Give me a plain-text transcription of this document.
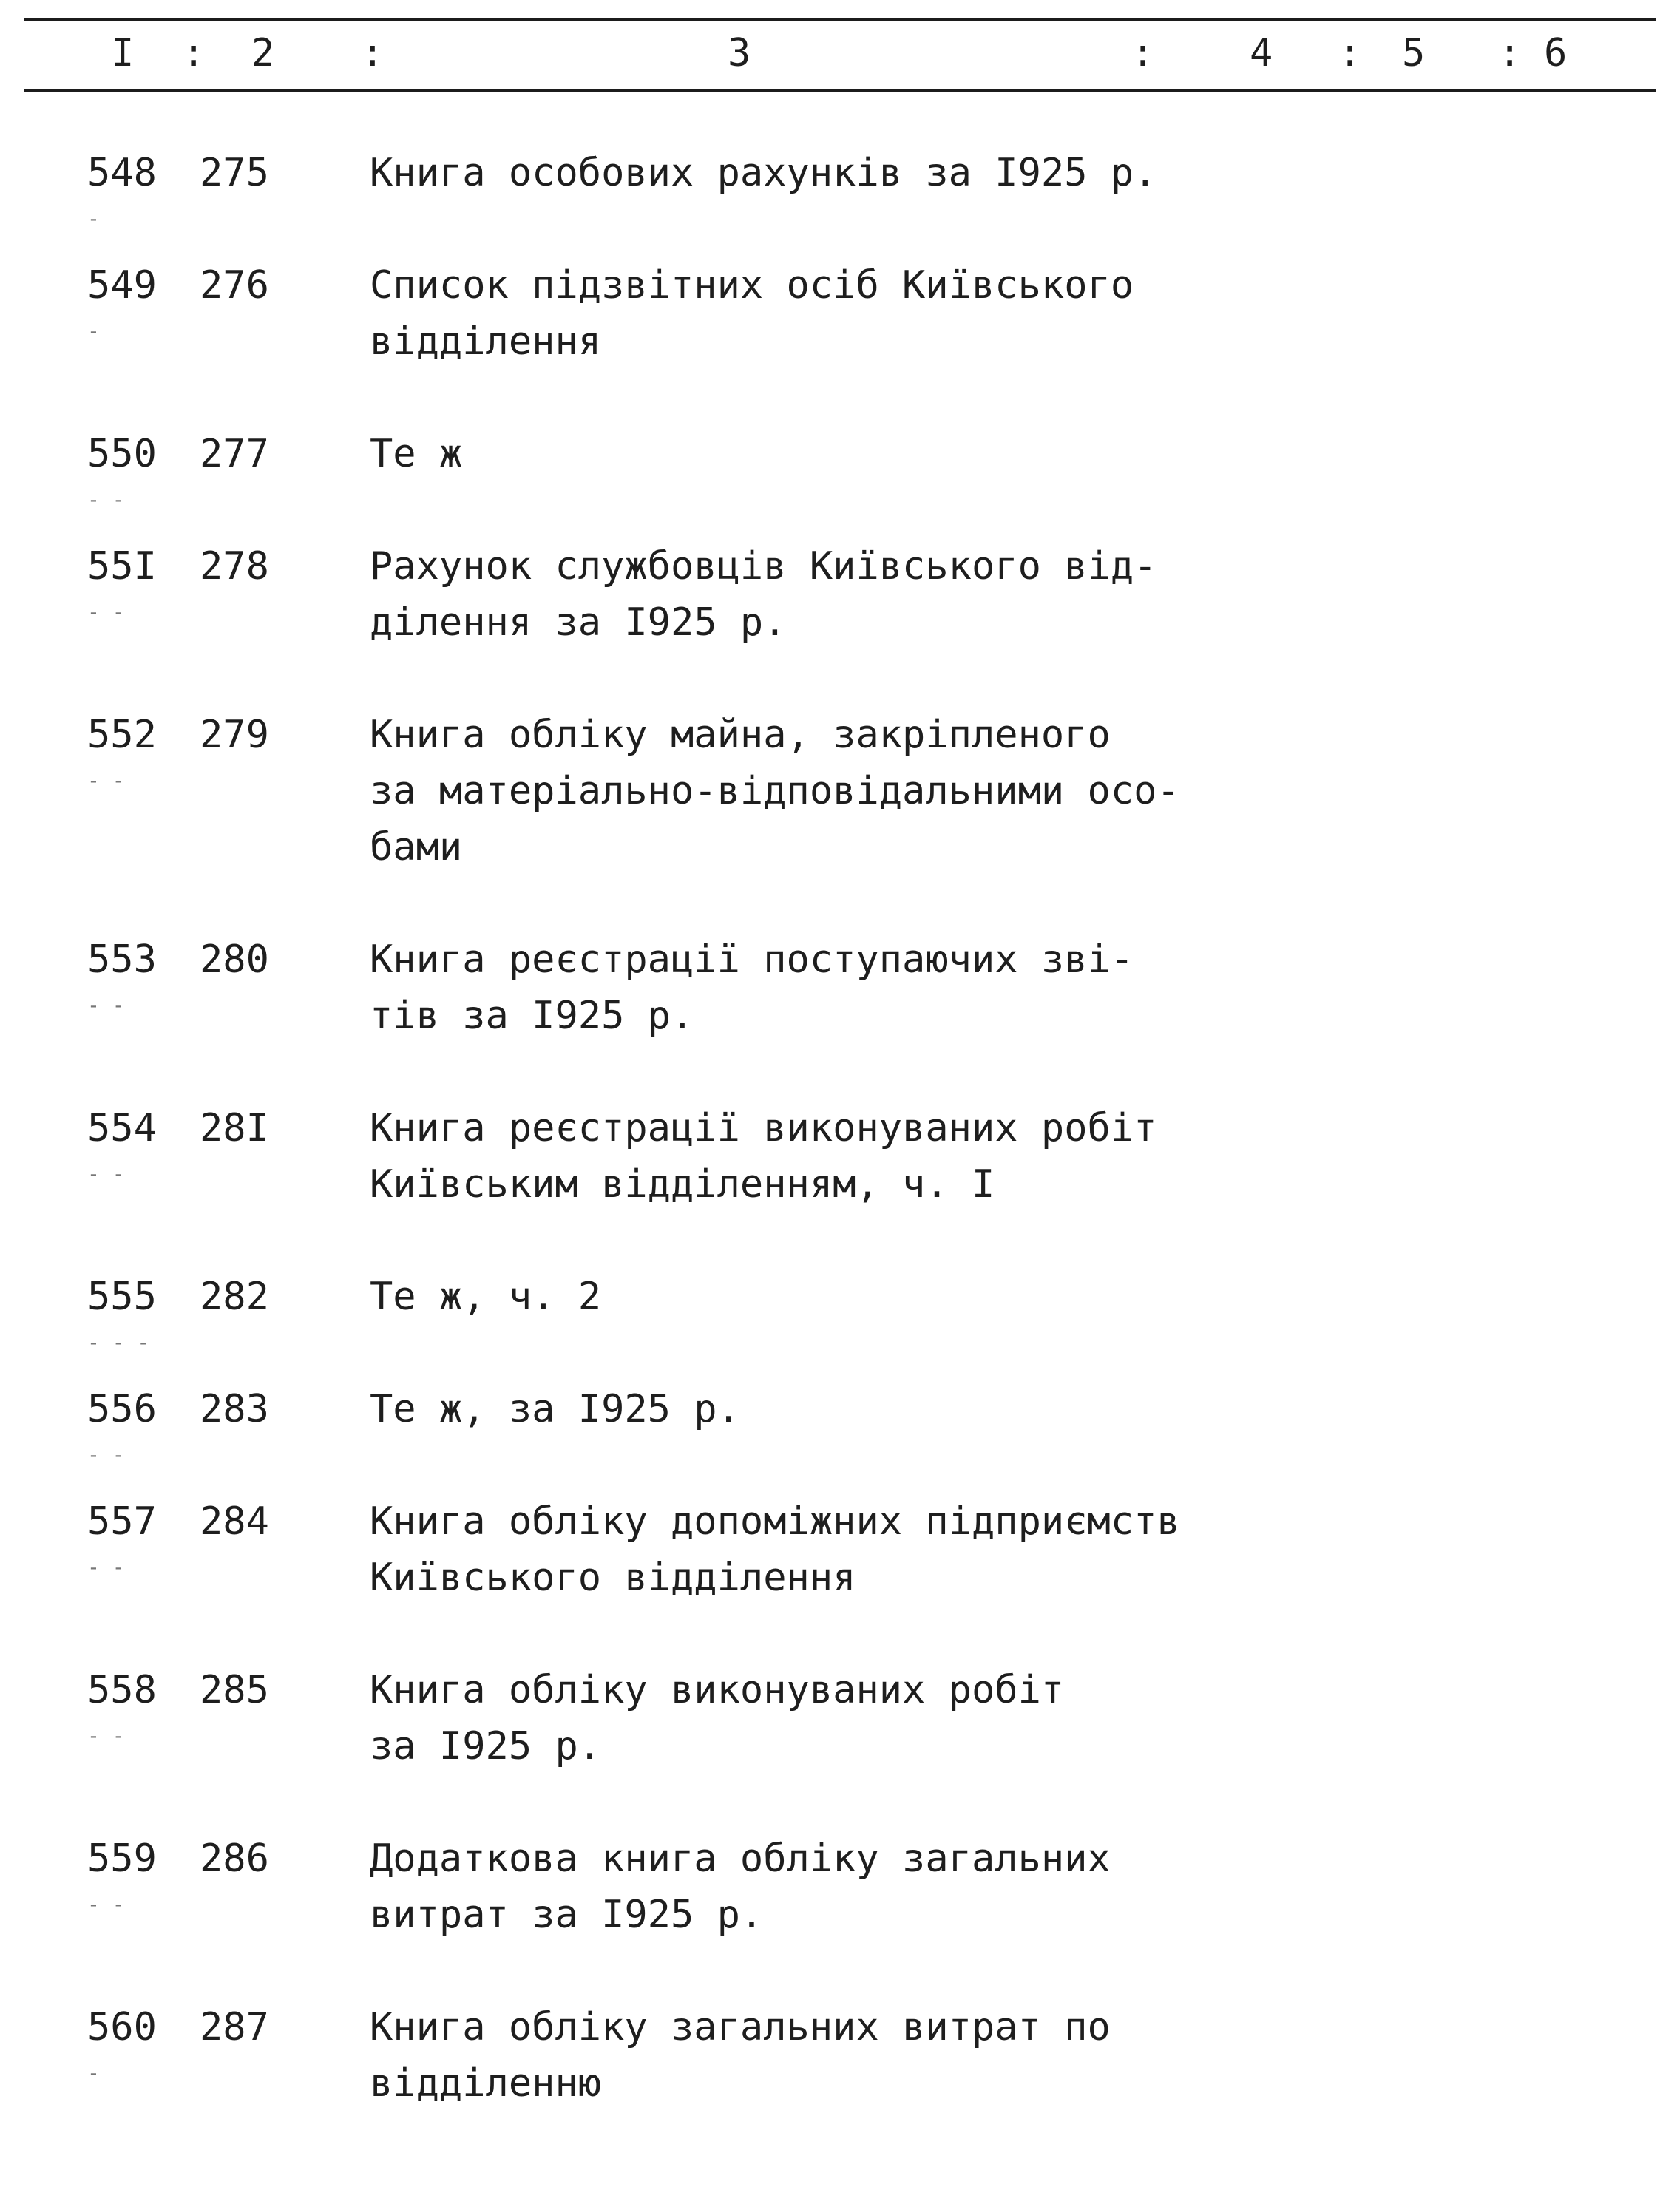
I : 2 :	3	: 4 : 5 : 6
548 275	Книга особових рахунків за I925 р.
-
549 276	Список підзвітних осіб Київського
відділення
-
550 277	Те ж
- -
55I 278	Рахунок службовців Київського від-
ділення за I925 р.
- -
552 279	Книга обліку майна, закріпленого
за матеріально-відповідальними осо-
бами
- -
553 280	Книга реєстрації поступаючих зві-
тів за I925 р.
- -
554 28I	Книга реєстрації виконуваних робіт
Київським відділенням, ч. I
- -
555 282	Те ж, ч. 2
- - -
556 283	Те ж, за I925 р.
- -
557 284	Книга обліку допоміжних підприємств
Київського відділення
- -
558 285	Книга обліку виконуваних робіт
за I925 р.
- -
559 286	Додаткова книга обліку загальних
витрат за I925 р.
- -
560 287	Книга обліку загальних витрат по
відділенню
-
